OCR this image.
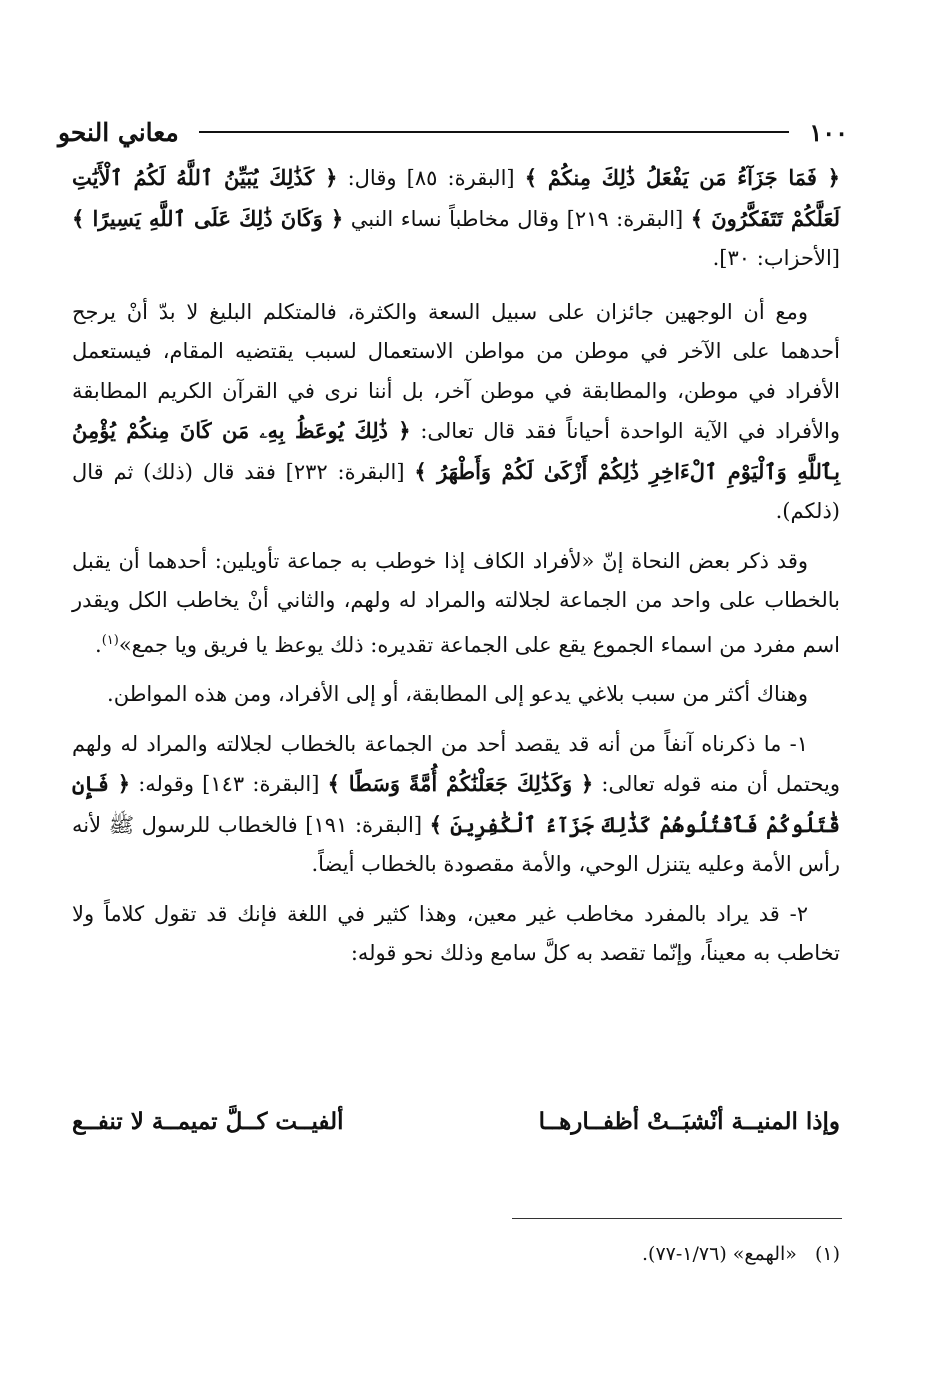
١٠٠
معاني النحو

﴿ فَمَا جَزَآءُ مَن يَفْعَلُ ذَٰلِكَ مِنكُمْ ﴾ [البقرة: ٨٥] وقال: ﴿ كَذَٰلِكَ يُبَيِّنُ ٱللَّهُ لَكُمُ ٱلْأَيَٰتِ لَعَلَّكُمْ تَتَفَكَّرُونَ ﴾ [البقرة: ٢١٩] وقال مخاطباً نساء النبي ﴿ وَكَانَ ذَٰلِكَ عَلَى ٱللَّهِ يَسِيرًا ﴾ [الأحزاب: ٣٠].

ومع أن الوجهين جائزان على سبيل السعة والكثرة، فالمتكلم البليغ لا بدّ أنْ يرجح أحدهما على الآخر في موطن من مواطن الاستعمال لسبب يقتضيه المقام، فيستعمل الأفراد في موطن، والمطابقة في موطن آخر، بل أننا نرى في القرآن الكريم المطابقة والأفراد في الآية الواحدة أحياناً فقد قال تعالى: ﴿ ذَٰلِكَ يُوعَظُ بِهِۦ مَن كَانَ مِنكُمْ يُؤْمِنُ بِٱللَّهِ وَٱلْيَوْمِ ٱلْءَاخِرِ ذَٰلِكُمْ أَزْكَىٰ لَكُمْ وَأَطْهَرُ ﴾ [البقرة: ٢٣٢] فقد قال (ذلك) ثم قال (ذلكم).

وقد ذكر بعض النحاة إنّ «لأفراد الكاف إذا خوطب به جماعة تأويلين: أحدهما أن يقبل بالخطاب على واحد من الجماعة لجلالته والمراد له ولهم، والثاني أنْ يخاطب الكل ويقدر اسم مفرد من اسماء الجموع يقع على الجماعة تقديره: ذلك يوعظ يا فريق ويا جمع»$^{(١)}$.

وهناك أكثر من سبب بلاغي يدعو إلى المطابقة، أو إلى الأفراد، ومن هذه المواطن.

١- ما ذكرناه آنفاً من أنه قد يقصد أحد من الجماعة بالخطاب لجلالته والمراد له ولهم ويحتمل أن منه قوله تعالى: ﴿ وَكَذَٰلِكَ جَعَلْنَٰكُمْ أُمَّةً وَسَطًا ﴾ [البقرة: ١٤٣] وقوله: ﴿ فَإِن قَٰتَلُوكُمْ فَٱقْتُلُوهُمْ كَذَٰلِكَ جَزَآءُ ٱلْكَٰفِرِينَ ﴾ [البقرة: ١٩١] فالخطاب للرسول ﷺ لأنه رأس الأمة وعليه يتنزل الوحي، والأمة مقصودة بالخطاب أيضاً.

٢- قد يراد بالمفرد مخاطب غير معين، وهذا كثير في اللغة فإنك قد تقول كلاماً ولا تخاطب به معيناً، وإنّما تقصد به كلَّ سامع وذلك نحو قوله:

وإذا المنيــة أنْشبَــتْ أظفــارهــا
ألفيــت كــلَّ تميمــة لا تنفــع
(١)«الهمع» (١/٧٦-٧٧).
